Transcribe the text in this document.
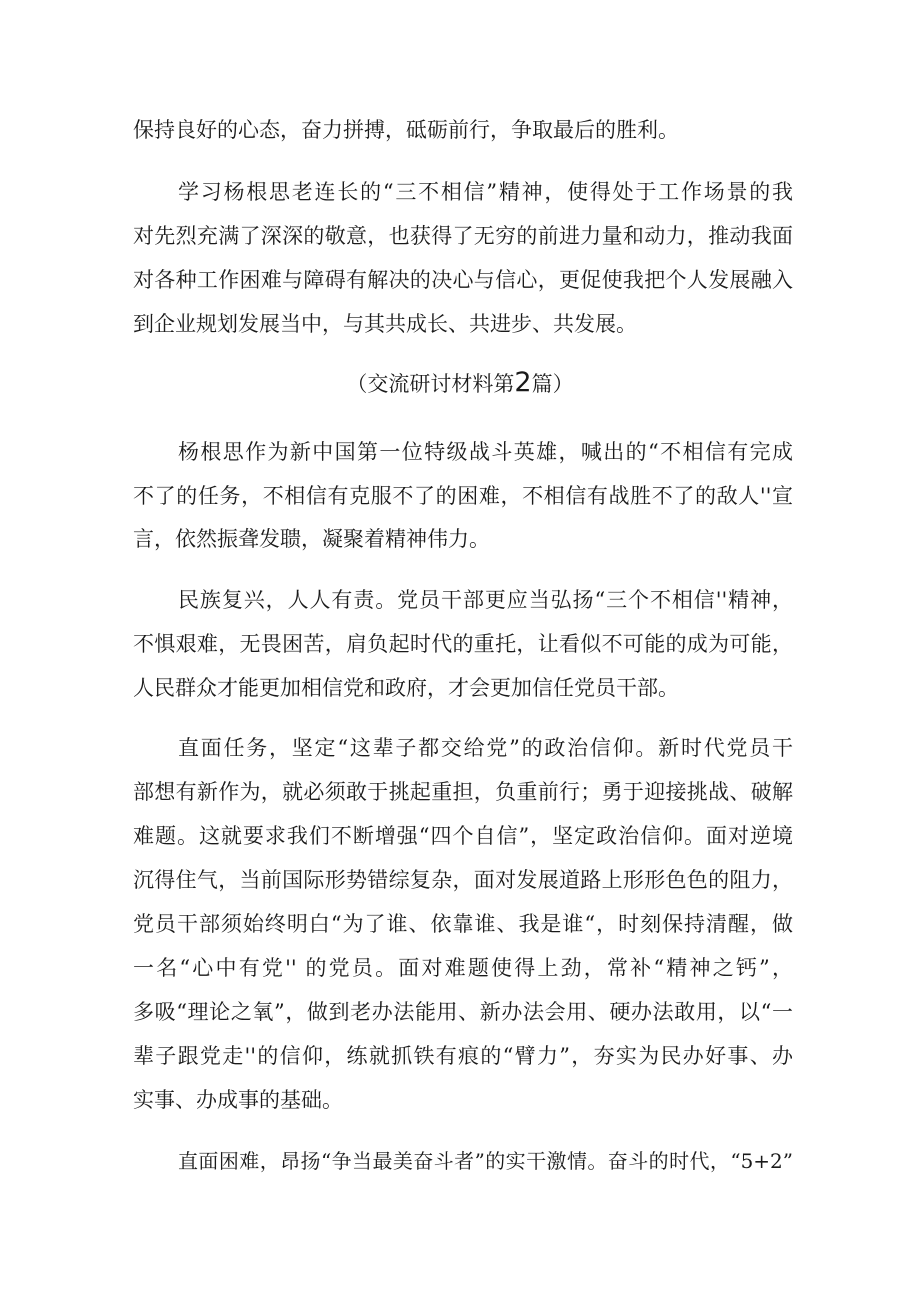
保持良好的心态，奋力拼搏，砥砺前行，争取最后的胜利。
学习杨根思老连长的“三不相信”精神，使得处于工作场景的我
对先烈充满了深深的敬意，也获得了无穷的前进力量和动力，推动我面
对各种工作困难与障碍有解决的决心与信心，更促使我把个人发展融入
到企业规划发展当中，与其共成长、共进步、共发展。
（交流研讨材料第2篇）
杨根思作为新中国第一位特级战斗英雄，喊出的“不相信有完成
不了的任务，不相信有克服不了的困难，不相信有战胜不了的敌人''宣
言，依然振聋发聩，凝聚着精神伟力。
民族复兴，人人有责。党员干部更应当弘扬“三个不相信''精神，
不惧艰难，无畏困苦，肩负起时代的重托，让看似不可能的成为可能，
人民群众才能更加相信党和政府，才会更加信任党员干部。
直面任务，坚定“这辈子都交给党”的政治信仰。新时代党员干
部想有新作为，就必须敢于挑起重担，负重前行；勇于迎接挑战、破解
难题。这就要求我们不断增强“四个自信”，坚定政治信仰。面对逆境
沉得住气，当前国际形势错综复杂，面对发展道路上形形色色的阻力，
党员干部须始终明白“为了谁、依靠谁、我是谁“，时刻保持清醒，做
一名“心中有党'' 的党员。面对难题使得上劲，常补“精神之钙”，
多吸“理论之氧”，做到老办法能用、新办法会用、硬办法敢用，以“一
辈子跟党走''的信仰，练就抓铁有痕的“臂力”，夯实为民办好事、办
实事、办成事的基础。
直面困难，昂扬“争当最美奋斗者”的实干激情。奋斗的时代，“5+2”
